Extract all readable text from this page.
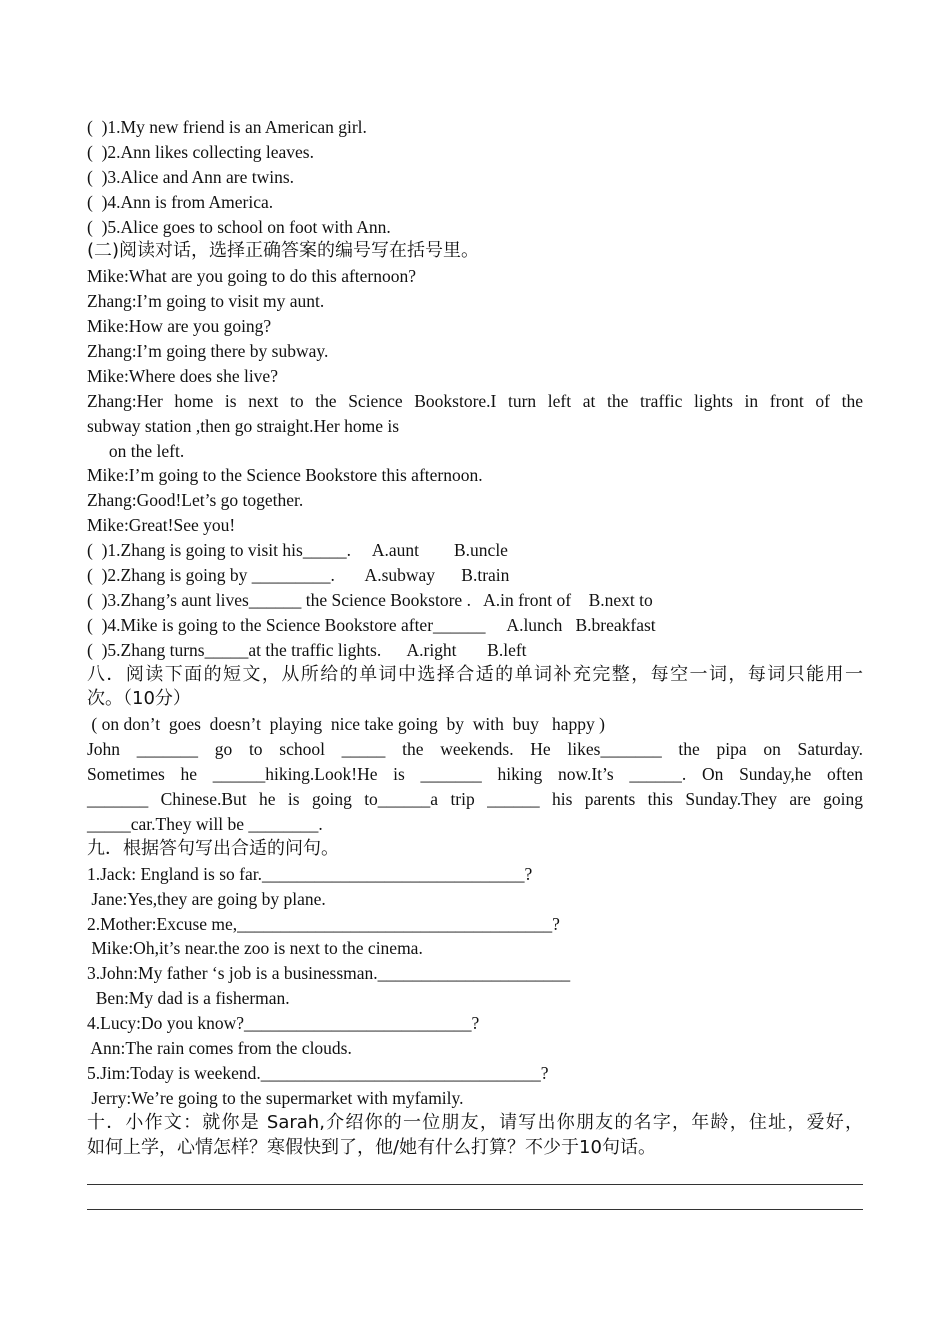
(  )1.My new friend is an American girl.
(  )2.Ann likes collecting leaves.
(  )3.Alice and Ann are twins.
(  )4.Ann is from America.
(  )5.Alice goes to school on foot with Ann.
(二)阅读对话，选择正确答案的编号写在括号里。
Mike:What are you going to do this afternoon?
Zhang:I’m going to visit my aunt.
Mike:How are you going?
Zhang:I’m going there by subway.
Mike:Where does she live?
Zhang:Her home is next to the Science Bookstore.I turn left at the traffic lights in front of the
subway station ,then go straight.Her home is
on the left.
Mike:I’m going to the Science Bookstore this afternoon.
Zhang:Good!Let’s go together.
Mike:Great!See you!
(  )1.Zhang is going to visit his_____.     A.aunt        B.uncle
(  )2.Zhang is going by _________.       A.subway      B.train
(  )3.Zhang’s aunt lives______ the Science Bookstore .   A.in front of    B.next to
(  )4.Mike is going to the Science Bookstore after______     A.lunch   B.breakfast
(  )5.Zhang turns_____at the traffic lights.      A.right       B.left
八．阅读下面的短文，从所给的单词中选择合适的单词补充完整，每空一词，每词只能用一
次。（10分）
( on don’t  goes  doesn’t  playing  nice take going  by  with  buy   happy )
John _______ go to school _____ the weekends. He likes_______ the pipa on Saturday.
Sometimes he ______hiking.Look!He is _______ hiking now.It’s ______. On Sunday,he often
_______ Chinese.But he is going to______a trip ______ his parents this Sunday.They are going
_____car.They will be ________.
九．根据答句写出合适的问句。
1.Jack: England is so far.______________________________?
Jane:Yes,they are going by plane.
2.Mother:Excuse me,____________________________________?
Mike:Oh,it’s near.the zoo is next to the cinema.
3.John:My father ‘s job is a businessman.______________________
Ben:My dad is a fisherman.
4.Lucy:Do you know?__________________________?
Ann:The rain comes from the clouds.
5.Jim:Today is weekend.________________________________?
Jerry:We’re going to the supermarket with myfamily.
十．小作文：就你是 Sarah,介绍你的一位朋友，请写出你朋友的名字，年龄，住址，爱好，
如何上学，心情怎样？寒假快到了，他/她有什么打算？不少于10句话。
